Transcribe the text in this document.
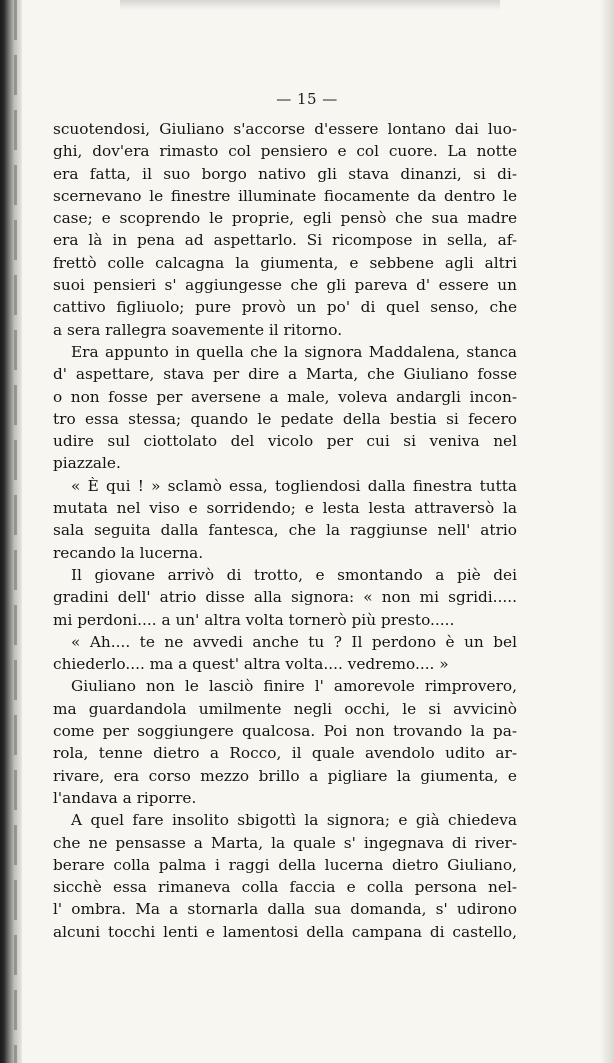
— 15 —
scuotendosi, Giuliano s'accorse d'essere lontano dai luo-
ghi, dov'era rimasto col pensiero e col cuore. La notte
era fatta, il suo borgo nativo gli stava dinanzi, si di-
scernevano le finestre illuminate fiocamente da dentro le
case; e scoprendo le proprie, egli pensò che sua madre
era là in pena ad aspettarlo. Si ricompose in sella, af-
frettò colle calcagna la giumenta, e sebbene agli altri
suoi pensieri s' aggiungesse che gli pareva d' essere un
cattivo figliuolo; pure provò un po' di quel senso, che
a sera rallegra soavemente il ritorno.
Era appunto in quella che la signora Maddalena, stanca
d' aspettare, stava per dire a Marta, che Giuliano fosse
o non fosse per aversene a male, voleva andargli incon-
tro essa stessa; quando le pedate della bestia si fecero
udire sul ciottolato del vicolo per cui si veniva nel
piazzale.
« È qui ! » sclamò essa, togliendosi dalla finestra tutta
mutata nel viso e sorridendo; e lesta lesta attraversò la
sala seguita dalla fantesca, che la raggiunse nell' atrio
recando la lucerna.
Il giovane arrivò di trotto, e smontando a piè dei
gradini dell' atrio disse alla signora: « non mi sgridi.....
mi perdoni.... a un' altra volta tornerò più presto.....
« Ah.... te ne avvedi anche tu ? Il perdono è un bel
chiederlo.... ma a quest' altra volta.... vedremo.... »
Giuliano non le lasciò finire l' amorevole rimprovero,
ma guardandola umilmente negli occhi, le si avvicinò
come per soggiungere qualcosa. Poi non trovando la pa-
rola, tenne dietro a Rocco, il quale avendolo udito ar-
rivare, era corso mezzo brillo a pigliare la giumenta, e
l'andava a riporre.
A quel fare insolito sbigottì la signora; e già chiedeva
che ne pensasse a Marta, la quale s' ingegnava di river-
berare colla palma i raggi della lucerna dietro Giuliano,
sicchè essa rimaneva colla faccia e colla persona nel-
l' ombra. Ma a stornarla dalla sua domanda, s' udirono
alcuni tocchi lenti e lamentosi della campana di castello,
